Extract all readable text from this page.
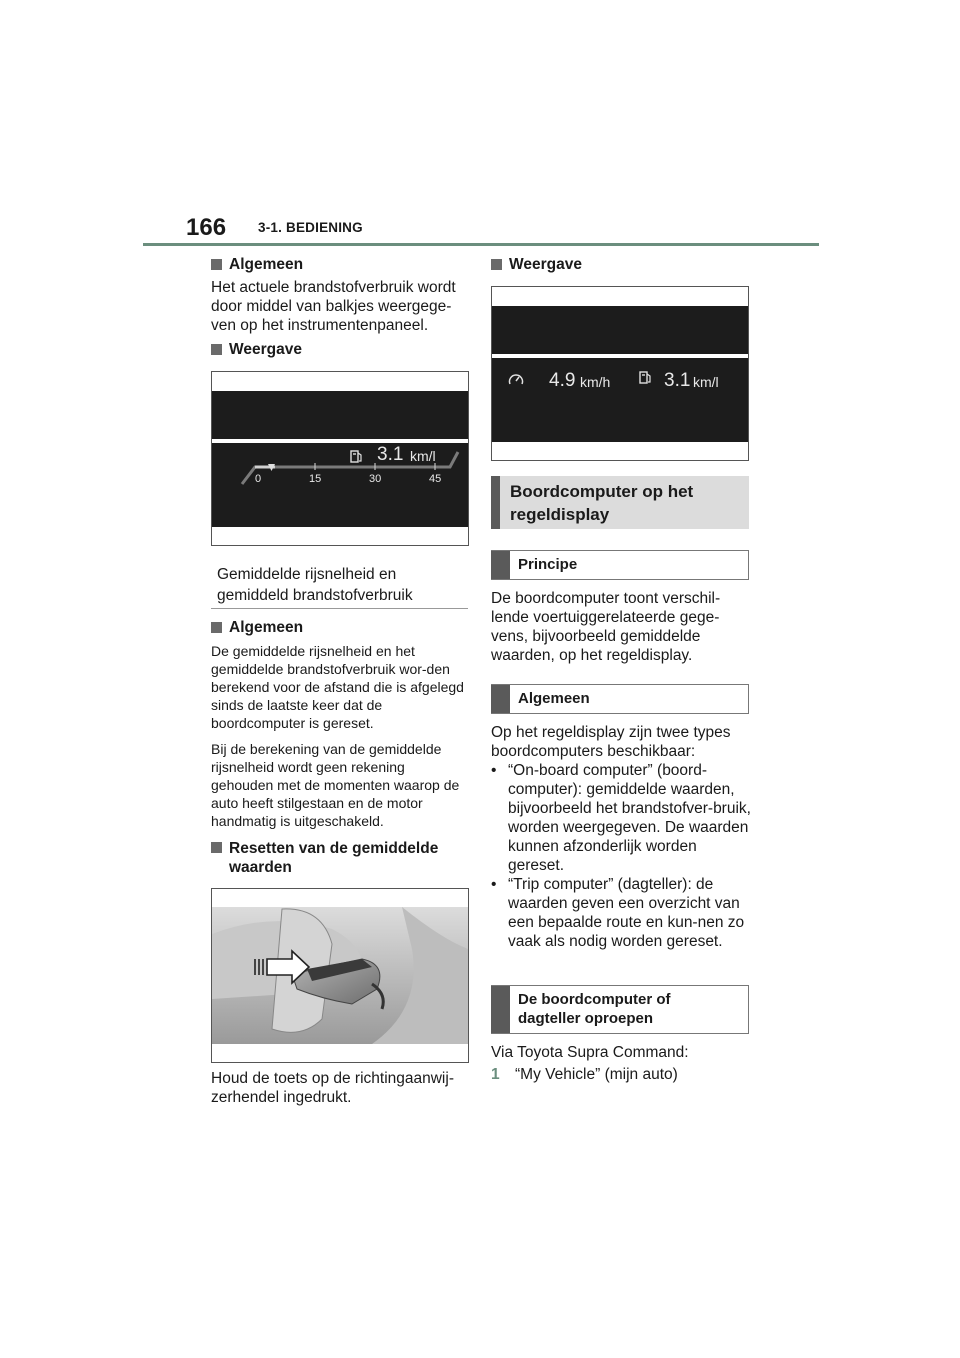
166 3-1. BEDIENING
Algemeen
Het actuele brandstofverbruik wordt door middel van balkjes weergege-ven op het instrumentenpaneel.
Weergave
3.1 km/l
0	15	30	45
Gemiddelde rijsnelheid en gemiddeld brandstofverbruik
Algemeen
De gemiddelde rijsnelheid en het gemiddelde brandstofverbruik wor-den berekend voor de afstand die is afgelegd sinds de laatste keer dat de boordcomputer is gereset.
Bij de berekening van de gemiddelde rijsnelheid wordt geen rekening gehouden met de momenten waarop de auto heeft stilgestaan en de motor handmatig is uitgeschakeld.
Resetten van de gemiddelde waarden
Houd de toets op de richtingaanwij-zerhendel ingedrukt.
Weergave
4.9 km/h	3.1 km/l
Boordcomputer op het regeldisplay
Principe
De boordcomputer toont verschil-lende voertuiggerelateerde gege-vens, bijvoorbeeld gemiddelde waarden, op het regeldisplay.
Algemeen
Op het regeldisplay zijn twee types boordcomputers beschikbaar:
• “On-board computer” (boord-computer): gemiddelde waarden, bijvoorbeeld het brandstofver-bruik, worden weergegeven. De waarden kunnen afzonderlijk worden gereset.
• “Trip computer” (dagteller): de waarden geven een overzicht van een bepaalde route en kun-nen zo vaak als nodig worden gereset.
De boordcomputer of dagteller oproepen
Via Toyota Supra Command:
1 “My Vehicle” (mijn auto)
